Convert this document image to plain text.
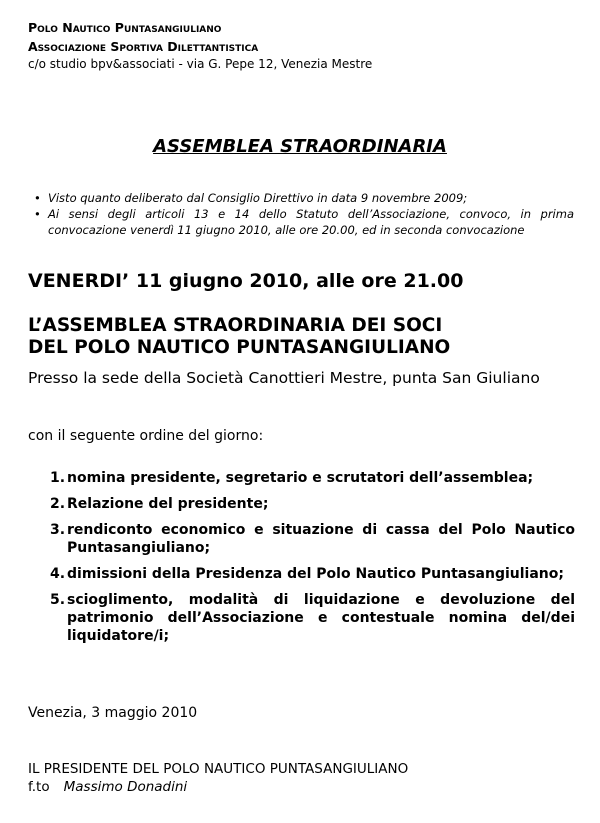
Polo Nautico Puntasangiuliano
Associazione Sportiva Dilettantistica
c/o studio bpv&associati - via G. Pepe 12, Venezia Mestre
ASSEMBLEA STRAORDINARIA
• Visto quanto deliberato dal Consiglio Direttivo in data 9 novembre 2009;
• Ai sensi degli articoli 13 e 14 dello Statuto dell’Associazione, convoco, in prima convocazione venerdì 11 giugno 2010, alle ore 20.00, ed in seconda convocazione
VENERDI’ 11 giugno 2010, alle ore 21.00
L’ASSEMBLEA STRAORDINARIA DEI SOCI
DEL POLO NAUTICO PUNTASANGIULIANO
Presso la sede della Società Canottieri Mestre, punta San Giuliano
con il seguente ordine del giorno:
1. nomina presidente, segretario e scrutatori dell’assemblea;
2. Relazione del presidente;
3. rendiconto economico e situazione di cassa del Polo Nautico Puntasangiuliano;
4. dimissioni della Presidenza del Polo Nautico Puntasangiuliano;
5. scioglimento, modalità di liquidazione e devoluzione del patrimonio dell’Associazione e contestuale nomina del/dei liquidatore/i;
Venezia, 3 maggio 2010
IL PRESIDENTE DEL POLO NAUTICO PUNTASANGIULIANO
f.to Massimo Donadini
